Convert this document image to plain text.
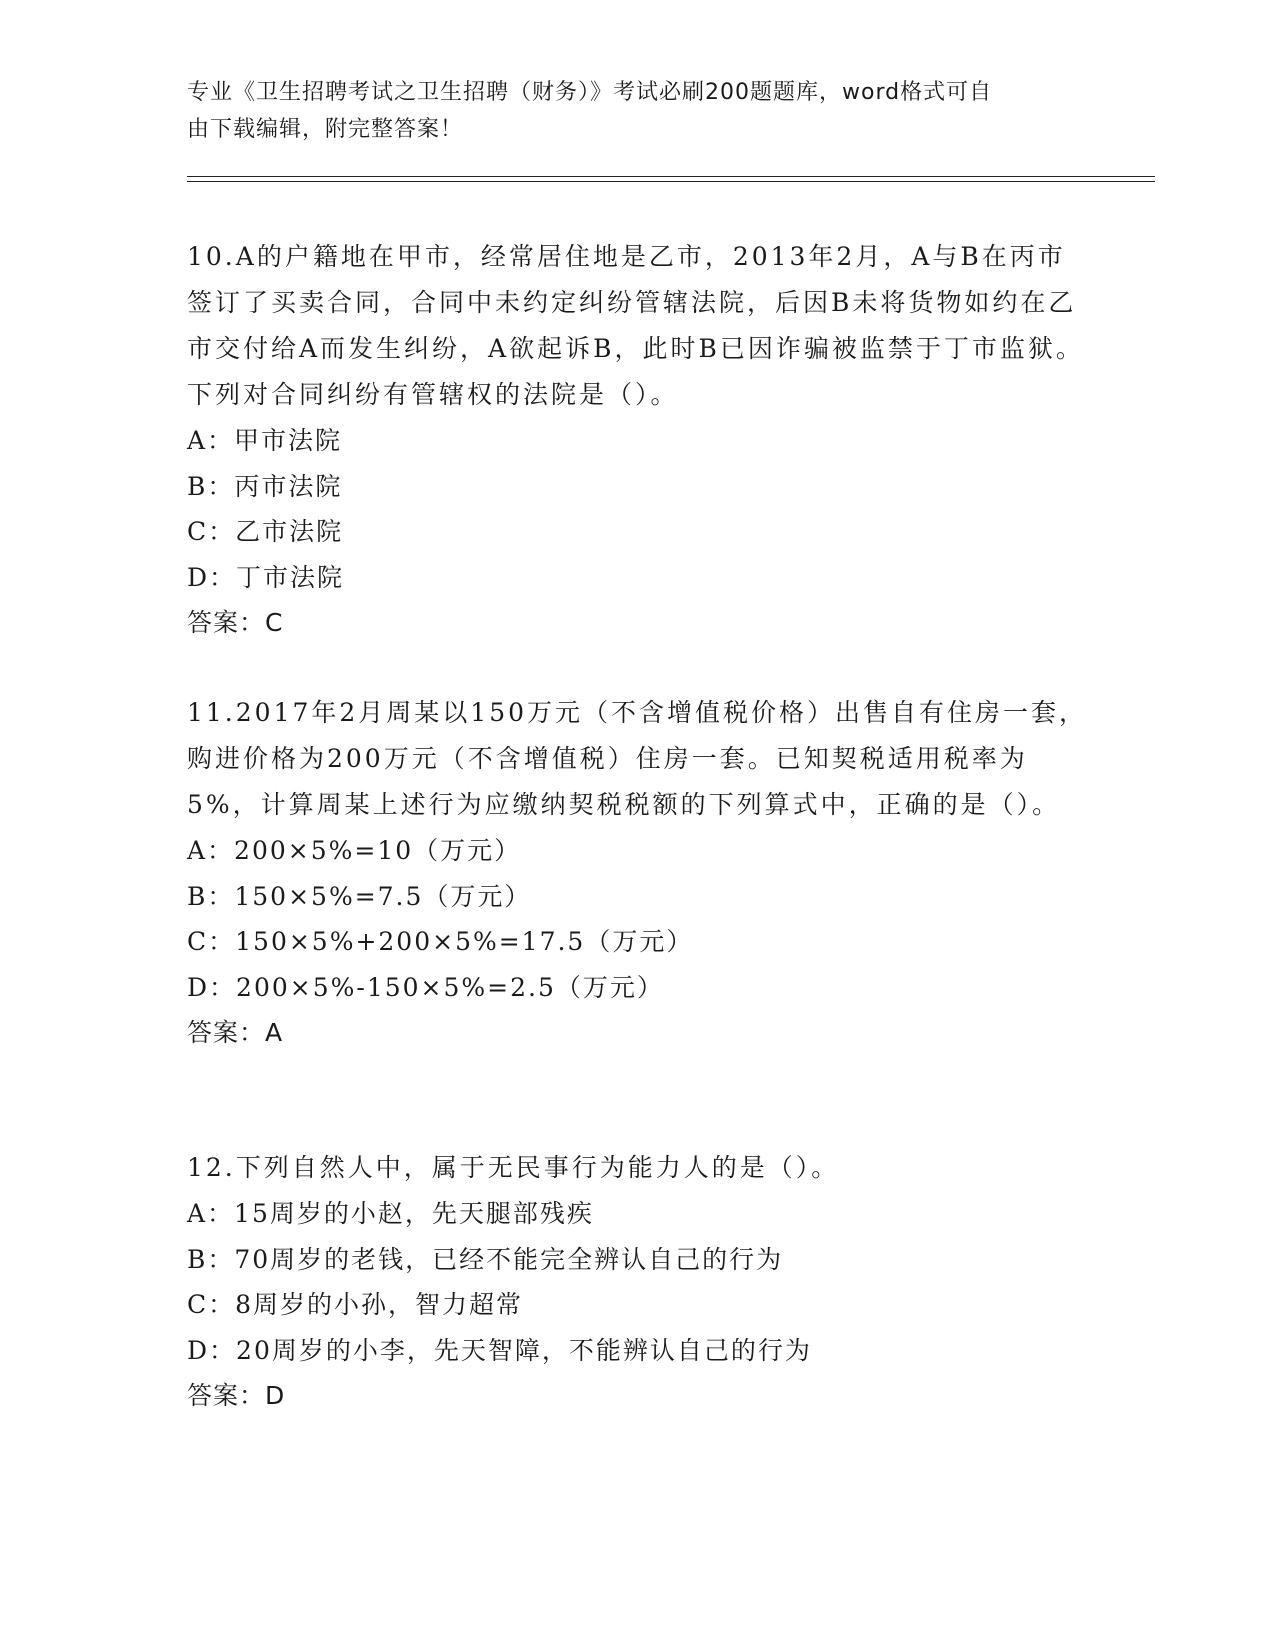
专业《卫生招聘考试之卫生招聘（财务）》考试必刷200题题库，word格式可自
由下载编辑，附完整答案！
10.A的户籍地在甲市，经常居住地是乙市，2013年2月，A与B在丙市签订了买卖合同，合同中未约定纠纷管辖法院，后因B未将货物如约在乙市交付给A而发生纠纷，A欲起诉B，此时B已因诈骗被监禁于丁市监狱。下列对合同纠纷有管辖权的法院是（）。
A：甲市法院
B：丙市法院
C：乙市法院
D：丁市法院
答案：C
11.2017年2月周某以150万元（不含增值税价格）出售自有住房一套，购进价格为200万元（不含增值税）住房一套。已知契税适用税率为5%，计算周某上述行为应缴纳契税税额的下列算式中，正确的是（）。
A：200×5%=10（万元）
B：150×5%=7.5（万元）
C：150×5%+200×5%=17.5（万元）
D：200×5%-150×5%=2.5（万元）
答案：A
12.下列自然人中，属于无民事行为能力人的是（）。
A：15周岁的小赵，先天腿部残疾
B：70周岁的老钱，已经不能完全辨认自己的行为
C：8周岁的小孙，智力超常
D：20周岁的小李，先天智障，不能辨认自己的行为
答案：D
